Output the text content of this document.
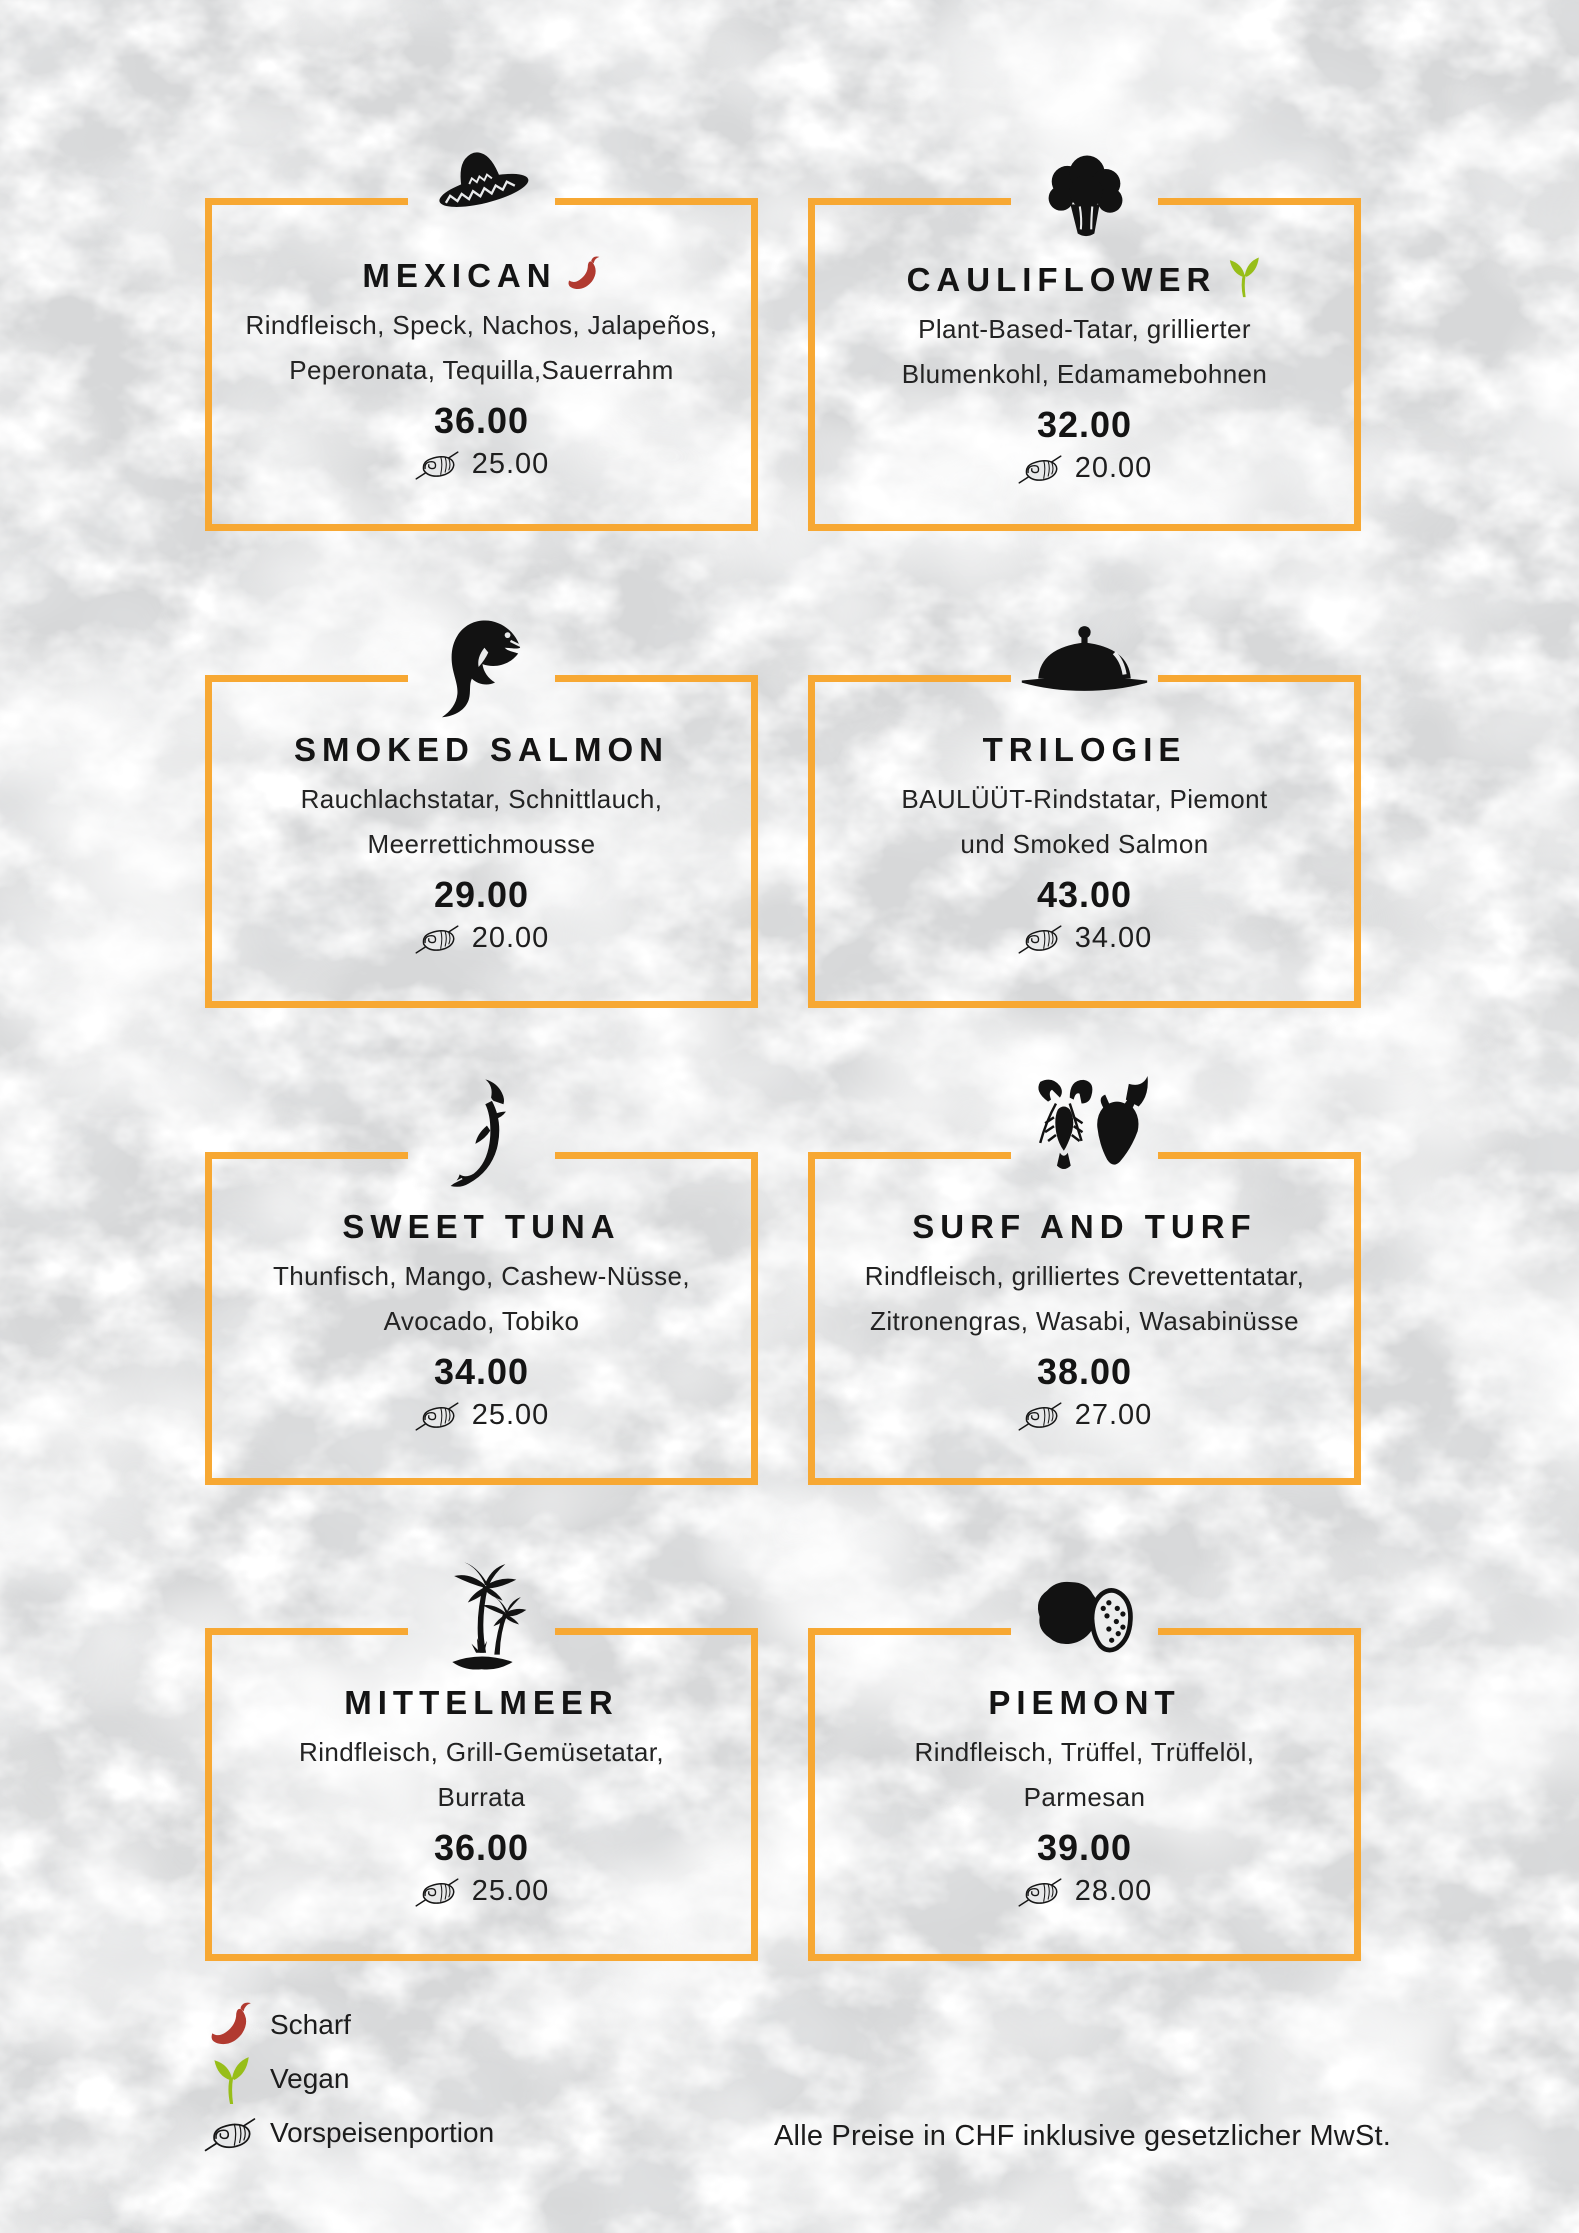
MEXICAN

Rindfleisch, Speck, Nachos, Jalapeños,

Peperonata, Tequilla,Sauerrahm

36.00

25.00
CAULIFLOWER

Plant-Based-Tatar, grillierter

Blumenkohl, Edamamebohnen

32.00

20.00
SMOKED SALMON

Rauchlachstatar, Schnittlauch,

Meerrettichmousse

29.00

20.00
TRILOGIE

BAULÜÜT-Rindstatar, Piemont

und Smoked Salmon

43.00

34.00
SWEET TUNA

Thunfisch, Mango, Cashew-Nüsse,

Avocado, Tobiko

34.00

25.00
SURF AND TURF

Rindfleisch, grilliertes Crevettentatar,

Zitronengras, Wasabi, Wasabinüsse

38.00

27.00
MITTELMEER

Rindfleisch, Grill-Gemüsetatar,

Burrata

36.00

25.00
PIEMONT

Rindfleisch, Trüffel, Trüffelöl,

Parmesan

39.00

28.00
Scharf
Vegan
Vorspeisenportion	Alle Preise in CHF inklusive gesetzlicher MwSt.
